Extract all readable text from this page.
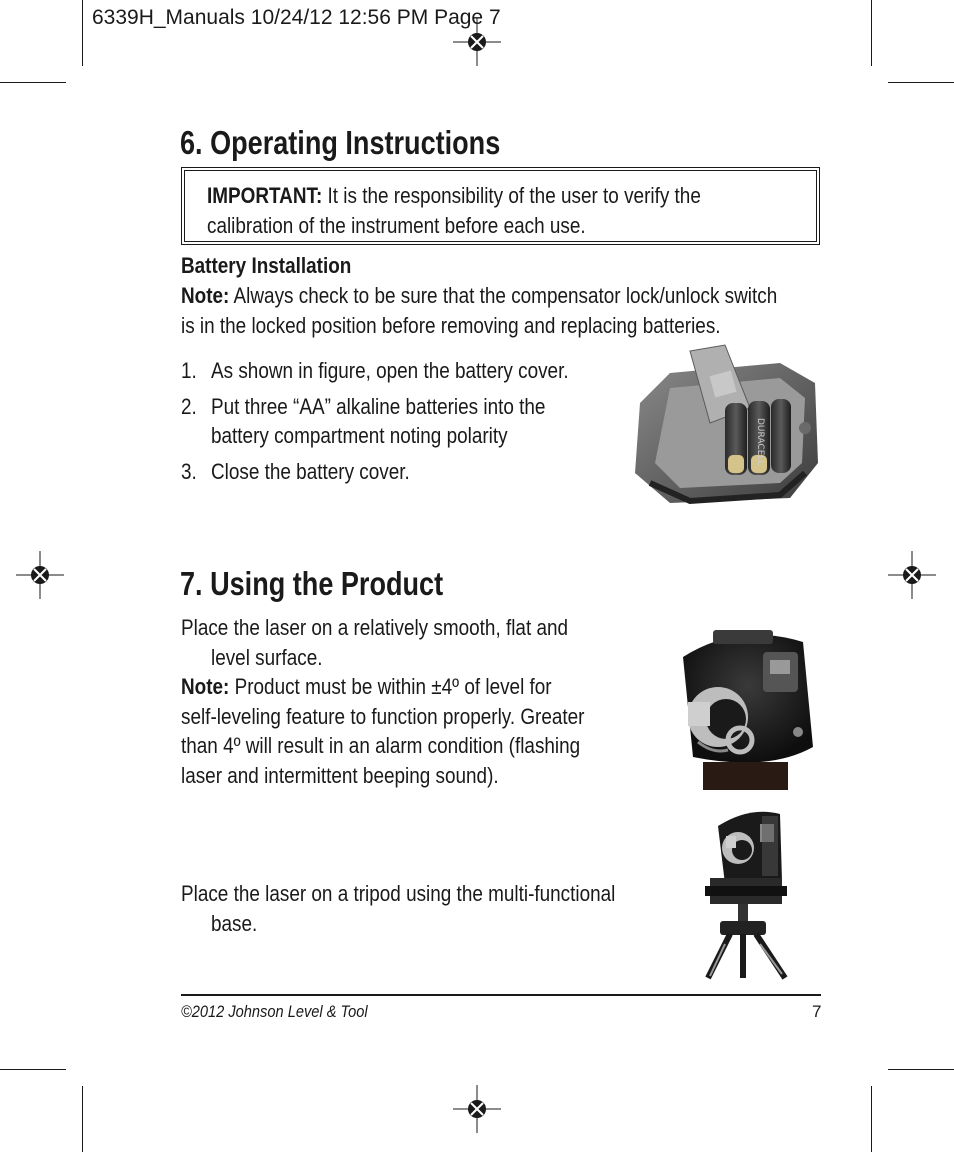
6339H_Manuals 10/24/12 12:56 PM Page 7
6. Operating Instructions
IMPORTANT: It is the responsibility of the user to verify the
calibration of the instrument before each use.
Battery Installation
Note: Always check to be sure that the compensator lock/unlock switch
is in the locked position before removing and replacing batteries.
1. As shown in figure, open the battery cover.
2. Put three “AA” alkaline batteries into the
battery compartment noting polarity
3. Close the battery cover.
DURACELL
7. Using the Product
Place the laser on a relatively smooth, flat and
level surface.
Note: Product must be within ±4º of level for
self-leveling feature to function properly. Greater
than 4º will result in an alarm condition (flashing
laser and intermittent beeping sound).
Place the laser on a tripod using the multi-functional
base.
©2012 Johnson Level & Tool	7
